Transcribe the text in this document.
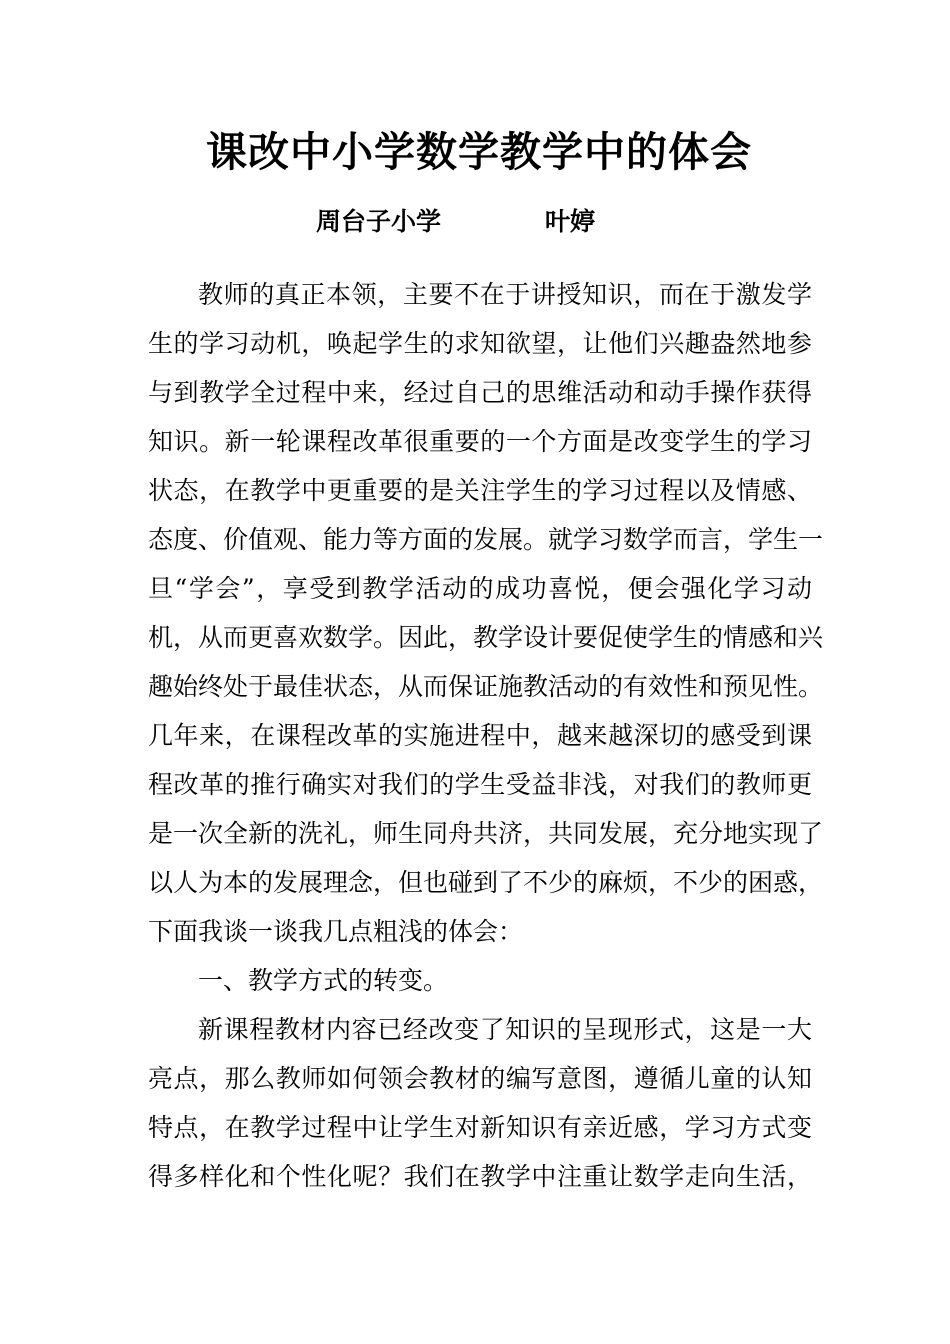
课改中小学数学教学中的体会
周台子小学	叶婷
教师的真正本领，主要不在于讲授知识，而在于激发学
生的学习动机，唤起学生的求知欲望，让他们兴趣盎然地参
与到教学全过程中来，经过自己的思维活动和动手操作获得
知识。新一轮课程改革很重要的一个方面是改变学生的学习
状态，在教学中更重要的是关注学生的学习过程以及情感、
态度、价值观、能力等方面的发展。就学习数学而言，学生一
旦“学会”，享受到教学活动的成功喜悦，便会强化学习动
机，从而更喜欢数学。因此，教学设计要促使学生的情感和兴
趣始终处于最佳状态，从而保证施教活动的有效性和预见性。
几年来，在课程改革的实施进程中，越来越深切的感受到课
程改革的推行确实对我们的学生受益非浅，对我们的教师更
是一次全新的洗礼，师生同舟共济，共同发展，充分地实现了
以人为本的发展理念，但也碰到了不少的麻烦，不少的困惑，
下面我谈一谈我几点粗浅的体会：
一、教学方式的转变。
新课程教材内容已经改变了知识的呈现形式，这是一大
亮点，那么教师如何领会教材的编写意图，遵循儿童的认知
特点，在教学过程中让学生对新知识有亲近感，学习方式变
得多样化和个性化呢？我们在教学中注重让数学走向生活，
